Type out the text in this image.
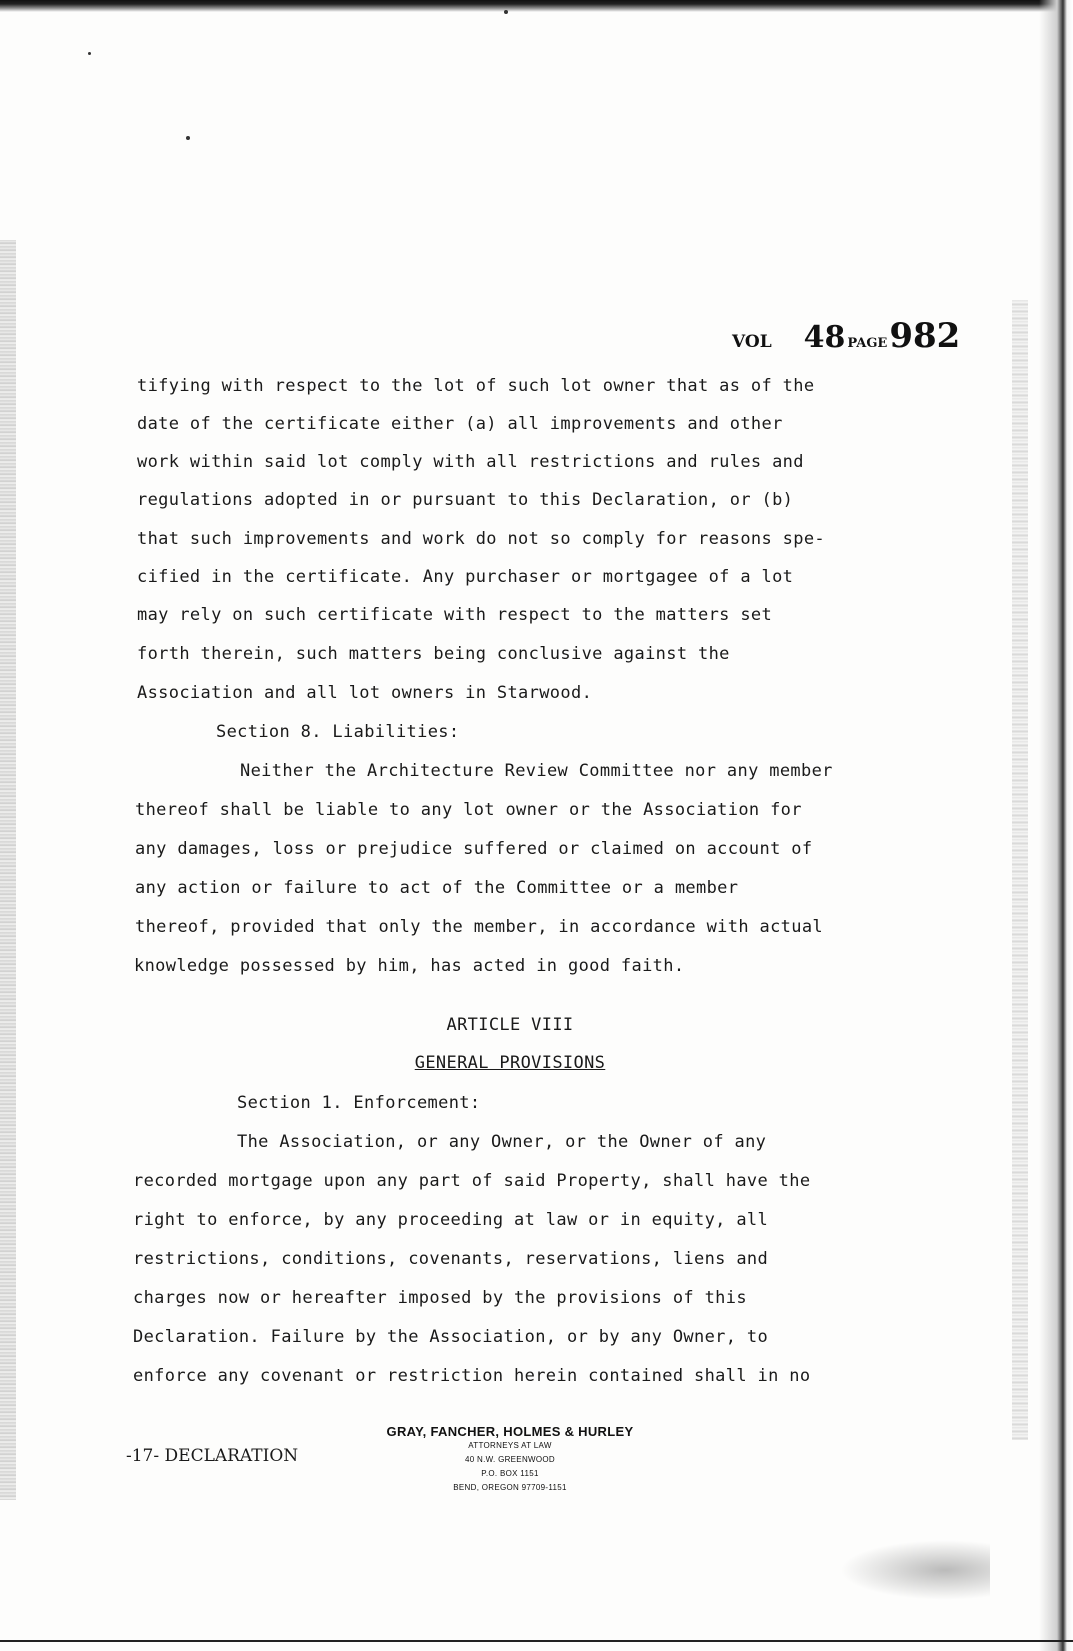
VOL 48 PAGE982
tifying with respect to the lot of such lot owner that as of the
date of the certificate either (a) all improvements and other
work within said lot comply with all restrictions and rules and
regulations adopted in or pursuant to this Declaration, or (b)
that such improvements and work do not so comply for reasons spe-
cified in the certificate. Any purchaser or mortgagee of a lot
may rely on such certificate with respect to the matters set
forth therein, such matters being conclusive against the
Association and all lot owners in Starwood.
Section 8. Liabilities:
Neither the Architecture Review Committee nor any member
thereof shall be liable to any lot owner or the Association for
any damages, loss or prejudice suffered or claimed on account of
any action or failure to act of the Committee or a member
thereof, provided that only the member, in accordance with actual
knowledge possessed by him, has acted in good faith.
ARTICLE VIII
GENERAL PROVISIONS
Section 1. Enforcement:
The Association, or any Owner, or the Owner of any
recorded mortgage upon any part of said Property, shall have the
right to enforce, by any proceeding at law or in equity, all
restrictions, conditions, covenants, reservations, liens and
charges now or hereafter imposed by the provisions of this
Declaration. Failure by the Association, or by any Owner, to
enforce any covenant or restriction herein contained shall in no
-17- DECLARATION
GRAY, FANCHER, HOLMES & HURLEY
ATTORNEYS AT LAW
40 N.W. GREENWOOD
P.O. BOX 1151
BEND, OREGON 97709-1151
